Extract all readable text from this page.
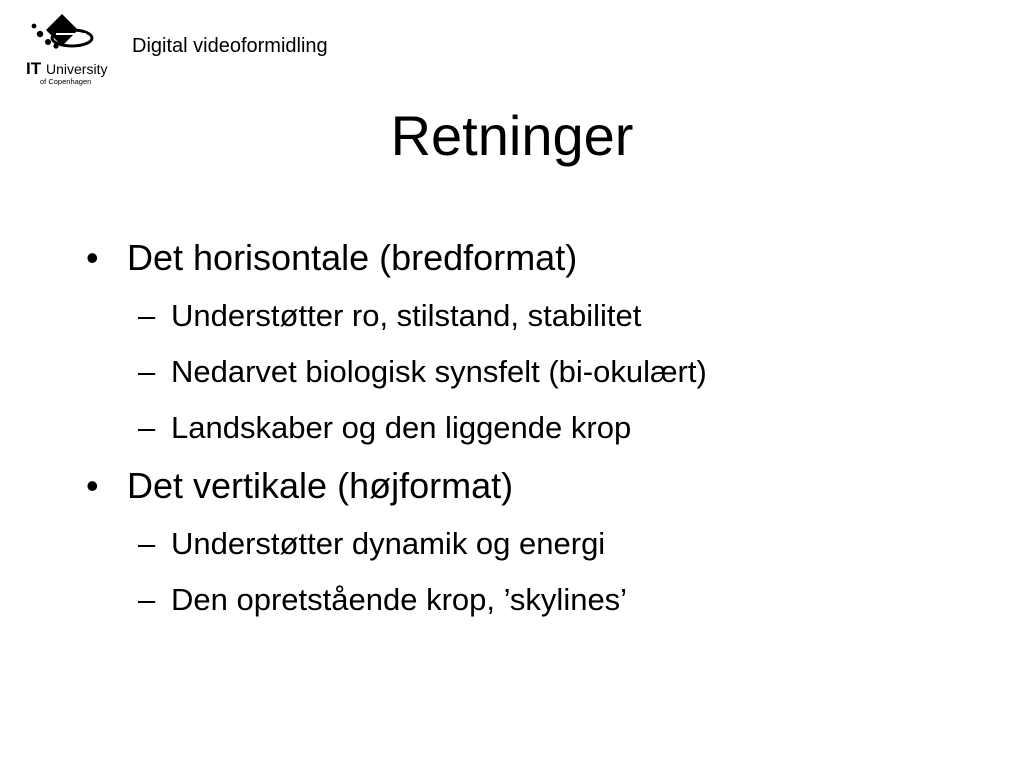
IT University
of Copenhagen
Digital videoformidling
Retninger
• Det horisontale (bredformat)
– Understøtter ro, stilstand, stabilitet
– Nedarvet biologisk synsfelt (bi-okulært)
– Landskaber og den liggende krop
• Det vertikale (højformat)
– Understøtter dynamik og energi
– Den opretstående krop, ’skylines’
